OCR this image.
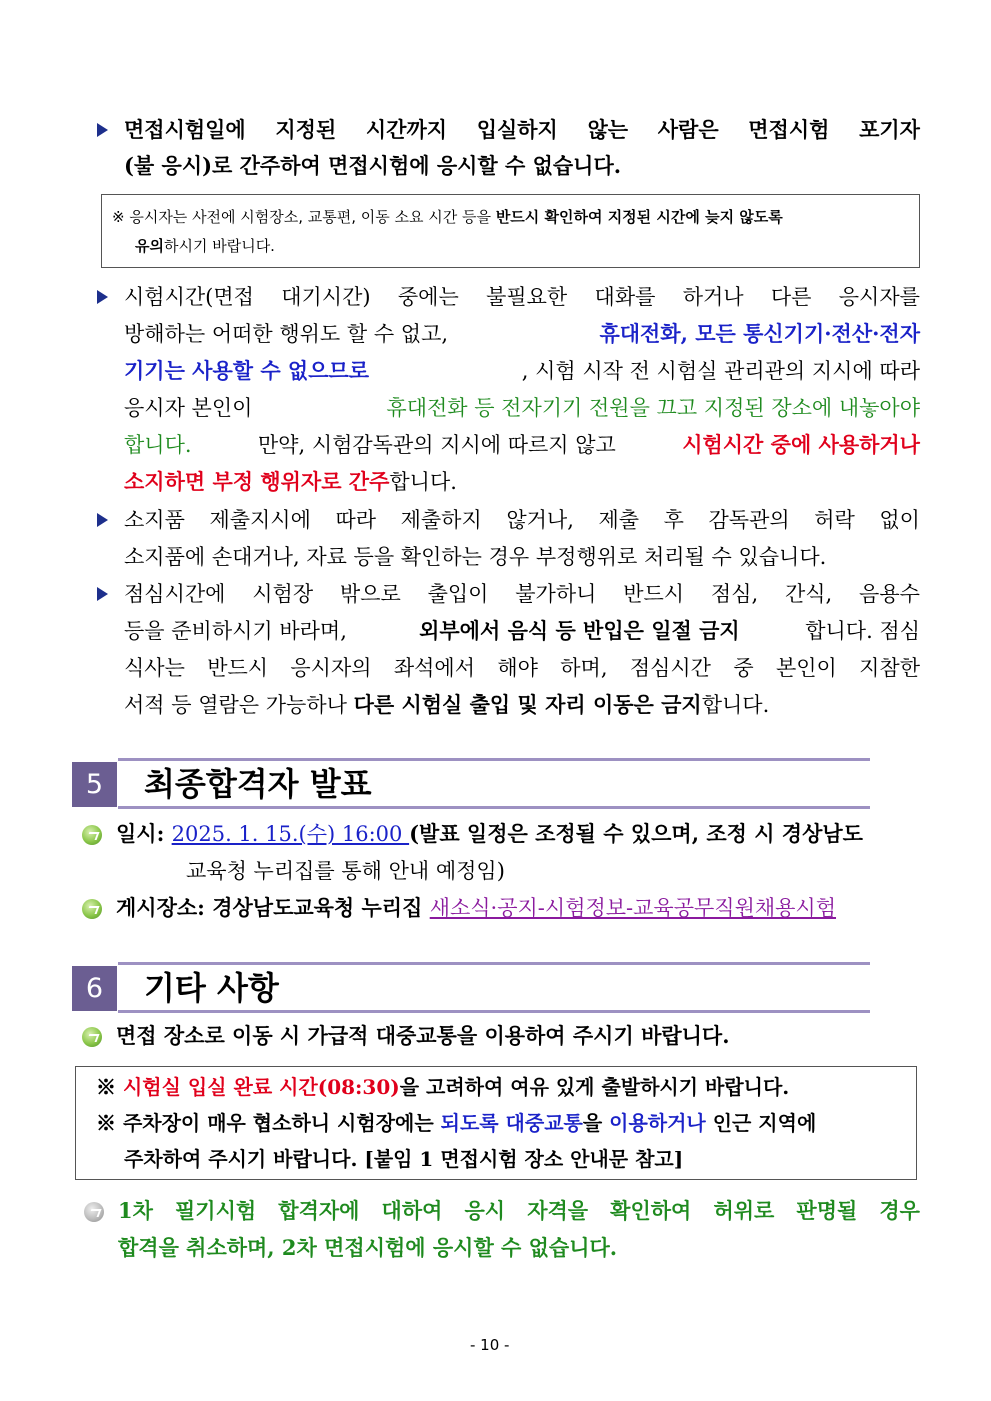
면접시험일에 지정된 시간까지 입실하지 않는 사람은 면접시험 포기자
(불 응시)로 간주하여 면접시험에 응시할 수 없습니다.
※ 응시자는 사전에 시험장소, 교통편, 이동 소요 시간 등을 반드시 확인하여 지정된 시간에 늦지 않도록
유의하시기 바랍니다.
시험시간(면접 대기시간) 중에는 불필요한 대화를 하거나 다른 응시자를
방해하는 어떠한 행위도 할 수 없고,	휴대전화, 모든 통신기기·전산·전자
기기는 사용할 수 없으므로	, 시험 시작 전 시험실 관리관의 지시에 따라
응시자 본인이	휴대전화 등 전자기기 전원을 끄고 지정된 장소에 내놓아야
합니다.	만약, 시험감독관의 지시에 따르지 않고	시험시간 중에 사용하거나
소지하면 부정 행위자로 간주합니다.
소지품 제출지시에 따라 제출하지 않거나, 제출 후 감독관의 허락 없이
소지품에 손대거나, 자료 등을 확인하는 경우 부정행위로 처리될 수 있습니다.
점심시간에 시험장 밖으로 출입이 불가하니 반드시 점심, 간식, 음용수
등을 준비하시기 바라며,	외부에서 음식 등 반입은 일절 금지	합니다. 점심
식사는 반드시 응시자의 좌석에서 해야 하며, 점심시간 중 본인이 지참한
서적 등 열람은 가능하나 다른 시험실 출입 및 자리 이동은 금지합니다.
5	최종합격자 발표
일시: 2025. 1. 15.(수) 16:00 (발표 일정은 조정될 수 있으며, 조정 시 경상남도
교육청 누리집를 통해 안내 예정임)
게시장소: 경상남도교육청 누리집 새소식·공지-시험정보-교육공무직원채용시험
6	기타 사항
면접 장소로 이동 시 가급적 대중교통을 이용하여 주시기 바랍니다.
※ 시험실 입실 완료 시간(08:30)을 고려하여 여유 있게 출발하시기 바랍니다.
※ 주차장이 매우 협소하니 시험장에는 되도록 대중교통을 이용하거나 인근 지역에
주차하여 주시기 바랍니다. [붙임 1 면접시험 장소 안내문 참고]
1차 필기시험 합격자에 대하여 응시 자격을 확인하여 허위로 판명될 경우
합격을 취소하며, 2차 면접시험에 응시할 수 없습니다.
- 10 -
